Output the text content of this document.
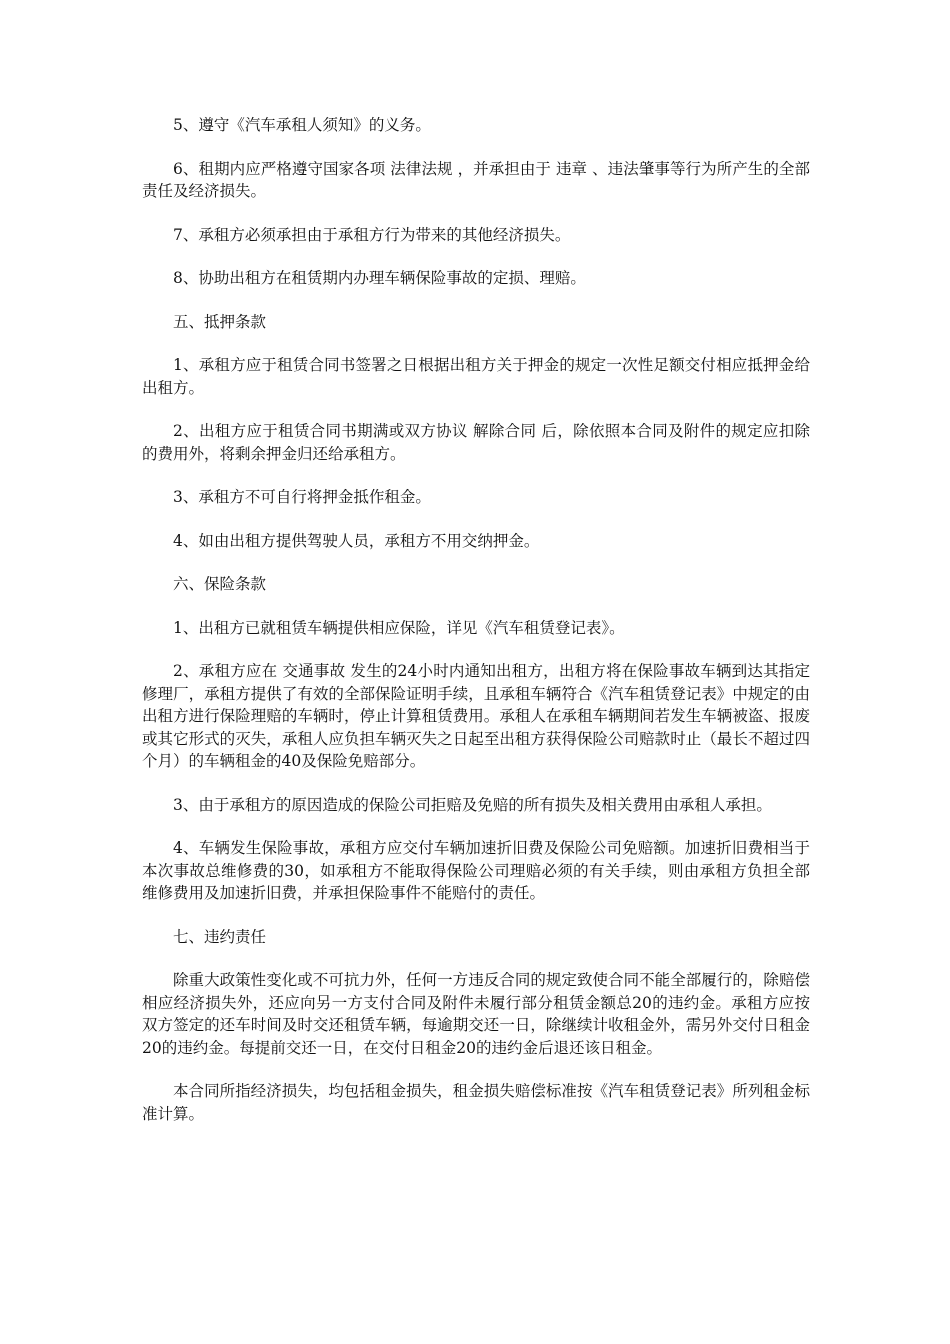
5、遵守《汽车承租人须知》的义务。

6、租期内应严格遵守国家各项 法律法规 ，并承担由于 违章 、违法肇事等行为所产生的全部责任及经济损失。

7、承租方必须承担由于承租方行为带来的其他经济损失。

8、协助出租方在租赁期内办理车辆保险事故的定损、理赔。

五、抵押条款

1、承租方应于租赁合同书签署之日根据出租方关于押金的规定一次性足额交付相应抵押金给出租方。

2、出租方应于租赁合同书期满或双方协议 解除合同 后，除依照本合同及附件的规定应扣除的费用外，将剩余押金归还给承租方。

3、承租方不可自行将押金抵作租金。

4、如由出租方提供驾驶人员，承租方不用交纳押金。

六、保险条款

1、出租方已就租赁车辆提供相应保险，详见《汽车租赁登记表》。

2、承租方应在 交通事故 发生的24小时内通知出租方，出租方将在保险事故车辆到达其指定修理厂，承租方提供了有效的全部保险证明手续，且承租车辆符合《汽车租赁登记表》中规定的由出租方进行保险理赔的车辆时，停止计算租赁费用。承租人在承租车辆期间若发生车辆被盗、报废或其它形式的灭失，承租人应负担车辆灭失之日起至出租方获得保险公司赔款时止（最长不超过四个月）的车辆租金的40及保险免赔部分。

3、由于承租方的原因造成的保险公司拒赔及免赔的所有损失及相关费用由承租人承担。

4、车辆发生保险事故，承租方应交付车辆加速折旧费及保险公司免赔额。加速折旧费相当于本次事故总维修费的30，如承租方不能取得保险公司理赔必须的有关手续，则由承租方负担全部维修费用及加速折旧费，并承担保险事件不能赔付的责任。

七、违约责任

除重大政策性变化或不可抗力外，任何一方违反合同的规定致使合同不能全部履行的，除赔偿相应经济损失外，还应向另一方支付合同及附件未履行部分租赁金额总20的违约金。承租方应按双方签定的还车时间及时交还租赁车辆，每逾期交还一日，除继续计收租金外，需另外交付日租金20的违约金。每提前交还一日，在交付日租金20的违约金后退还该日租金。

本合同所指经济损失，均包括租金损失，租金损失赔偿标准按《汽车租赁登记表》所列租金标准计算。
